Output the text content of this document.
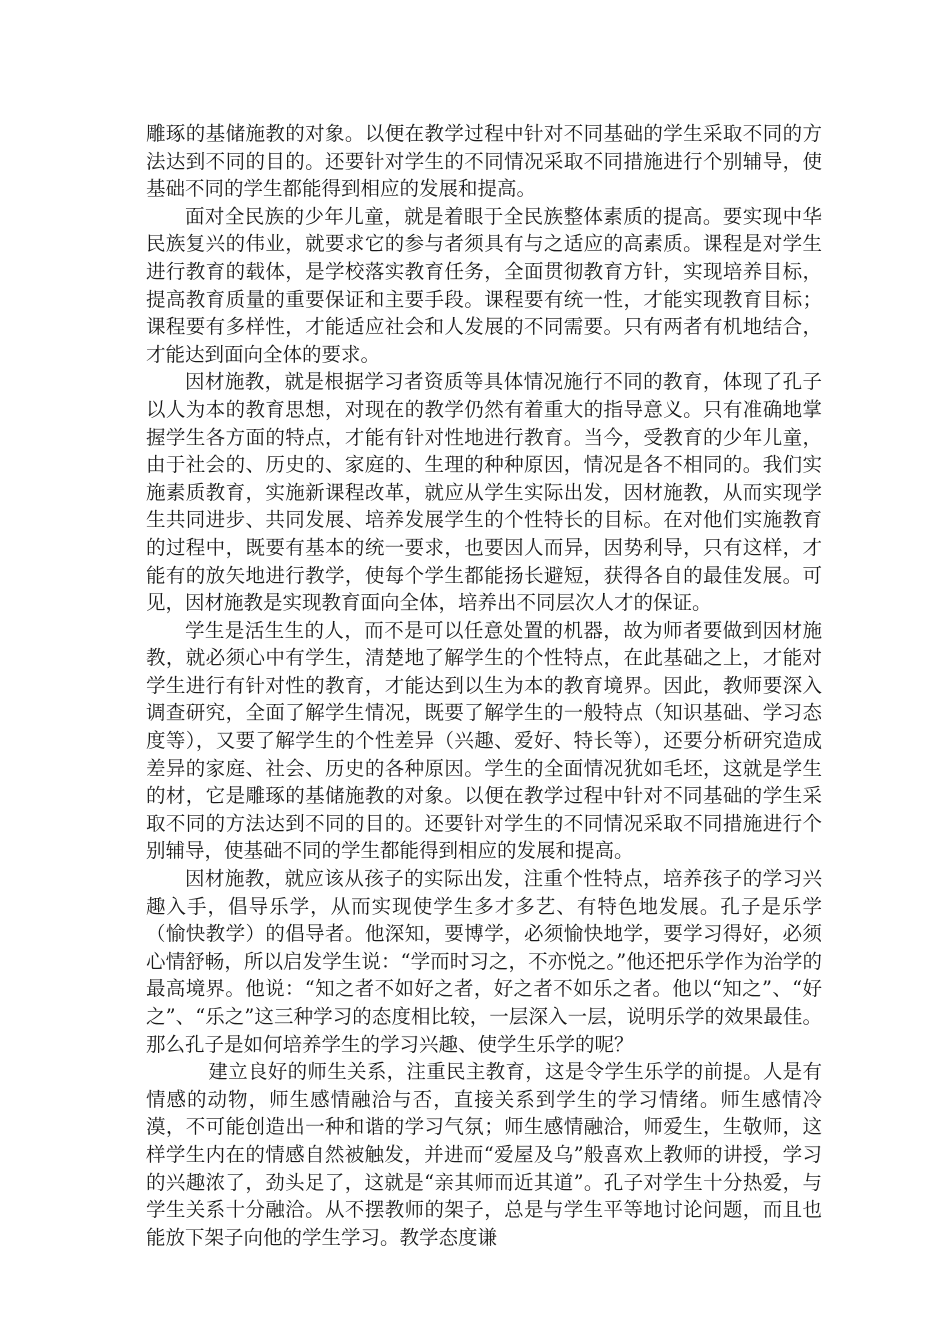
雕琢的基储施教的对象。以便在教学过程中针对不同基础的学生采取不同的方法达到不同的目的。还要针对学生的不同情况采取不同措施进行个别辅导，使基础不同的学生都能得到相应的发展和提高。

面对全民族的少年儿童，就是着眼于全民族整体素质的提高。要实现中华民族复兴的伟业，就要求它的参与者须具有与之适应的高素质。课程是对学生进行教育的载体，是学校落实教育任务，全面贯彻教育方针，实现培养目标，提高教育质量的重要保证和主要手段。课程要有统一性，才能实现教育目标；课程要有多样性，才能适应社会和人发展的不同需要。只有两者有机地结合，才能达到面向全体的要求。

因材施教，就是根据学习者资质等具体情况施行不同的教育，体现了孔子以人为本的教育思想，对现在的教学仍然有着重大的指导意义。只有准确地掌握学生各方面的特点，才能有针对性地进行教育。当今，受教育的少年儿童，由于社会的、历史的、家庭的、生理的种种原因，情况是各不相同的。我们实施素质教育，实施新课程改革，就应从学生实际出发，因材施教，从而实现学生共同进步、共同发展、培养发展学生的个性特长的目标。在对他们实施教育的过程中，既要有基本的统一要求，也要因人而异，因势利导，只有这样，才能有的放矢地进行教学，使每个学生都能扬长避短，获得各自的最佳发展。可见，因材施教是实现教育面向全体，培养出不同层次人才的保证。

学生是活生生的人，而不是可以任意处置的机器，故为师者要做到因材施教，就必须心中有学生，清楚地了解学生的个性特点，在此基础之上，才能对学生进行有针对性的教育，才能达到以生为本的教育境界。因此，教师要深入调查研究，全面了解学生情况，既要了解学生的一般特点（知识基础、学习态度等），又要了解学生的个性差异（兴趣、爱好、特长等），还要分析研究造成差异的家庭、社会、历史的各种原因。学生的全面情况犹如毛坯，这就是学生的材，它是雕琢的基储施教的对象。以便在教学过程中针对不同基础的学生采取不同的方法达到不同的目的。还要针对学生的不同情况采取不同措施进行个别辅导，使基础不同的学生都能得到相应的发展和提高。

因材施教，就应该从孩子的实际出发，注重个性特点，培养孩子的学习兴趣入手，倡导乐学，从而实现使学生多才多艺、有特色地发展。孔子是乐学（愉快教学）的倡导者。他深知，要博学，必须愉快地学，要学习得好，必须心情舒畅，所以启发学生说：“学而时习之，不亦悦之。”他还把乐学作为治学的最高境界。他说：“知之者不如好之者，好之者不如乐之者。他以“知之”、“好之”、“乐之”这三种学习的态度相比较，一层深入一层，说明乐学的效果最佳。那么孔子是如何培养学生的学习兴趣、使学生乐学的呢？

建立良好的师生关系，注重民主教育，这是令学生乐学的前提。人是有情感的动物，师生感情融洽与否，直接关系到学生的学习情绪。师生感情冷漠，不可能创造出一种和谐的学习气氛；师生感情融洽，师爱生，生敬师，这样学生内在的情感自然被触发，并进而“爱屋及乌”般喜欢上教师的讲授，学习的兴趣浓了，劲头足了，这就是“亲其师而近其道”。孔子对学生十分热爱，与学生关系十分融洽。从不摆教师的架子，总是与学生平等地讨论问题，而且也能放下架子向他的学生学习。教学态度谦
